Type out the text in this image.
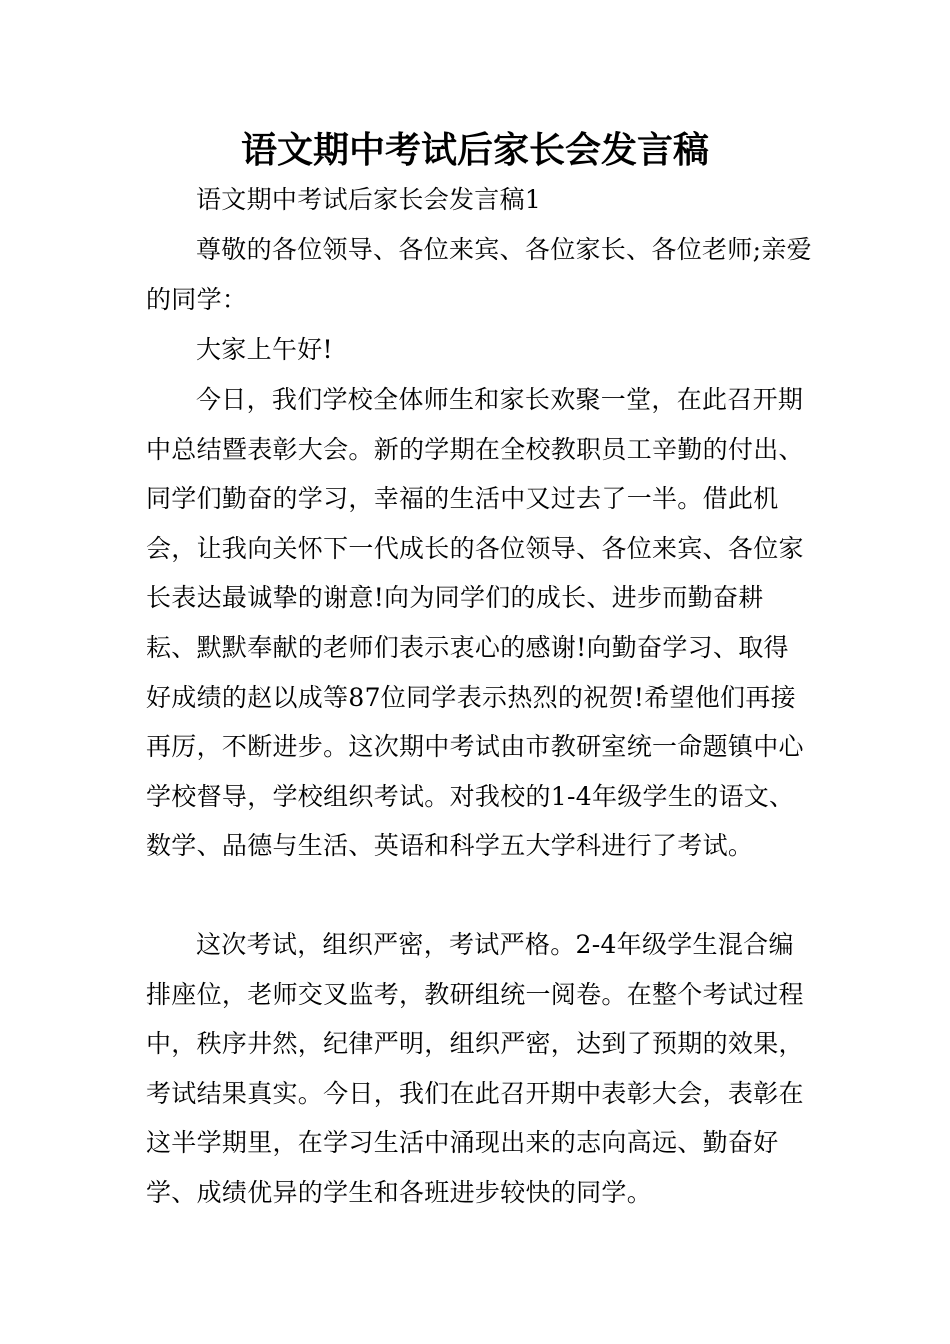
语文期中考试后家长会发言稿

语文期中考试后家长会发言稿1

尊敬的各位领导、各位来宾、各位家长、各位老师;亲爱的同学：

大家上午好!

今日，我们学校全体师生和家长欢聚一堂，在此召开期中总结暨表彰大会。新的学期在全校教职员工辛勤的付出、同学们勤奋的学习，幸福的生活中又过去了一半。借此机会，让我向关怀下一代成长的各位领导、各位来宾、各位家长表达最诚挚的谢意!向为同学们的成长、进步而勤奋耕耘、默默奉献的老师们表示衷心的感谢!向勤奋学习、取得好成绩的赵以成等87位同学表示热烈的祝贺!希望他们再接再厉，不断进步。这次期中考试由市教研室统一命题镇中心学校督导，学校组织考试。对我校的1-4年级学生的语文、数学、品德与生活、英语和科学五大学科进行了考试。

这次考试，组织严密，考试严格。2-4年级学生混合编排座位，老师交叉监考，教研组统一阅卷。在整个考试过程中，秩序井然，纪律严明，组织严密，达到了预期的效果，考试结果真实。今日，我们在此召开期中表彰大会，表彰在这半学期里，在学习生活中涌现出来的志向高远、勤奋好学、成绩优异的学生和各班进步较快的同学。
